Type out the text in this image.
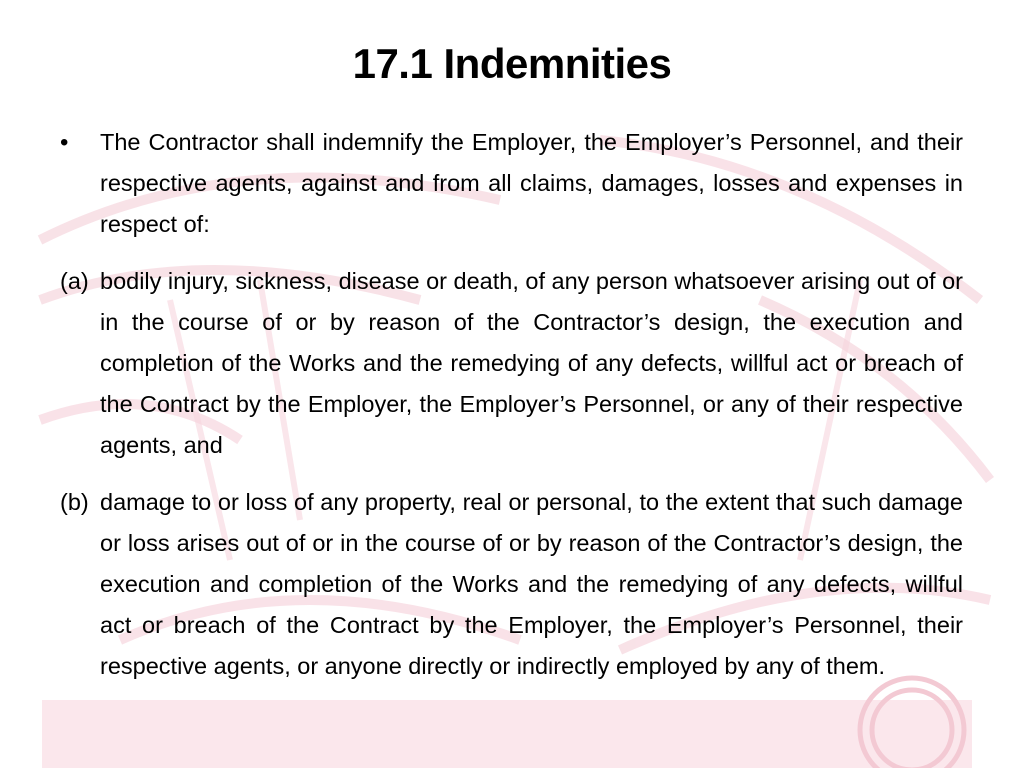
17.1 Indemnities

•	The Contractor shall indemnify the Employer, the Employer’s Personnel, and their respective agents, against and from all claims, damages, losses and expenses in respect of:

(a) bodily injury, sickness, disease or death, of any person whatsoever arising out of or in the course of or by reason of the Contractor’s design, the execution and completion of the Works and the remedying of any defects, willful act or breach of the Contract by the Employer, the Employer’s Personnel, or any of their respective agents, and

(b) damage to or loss of any property, real or personal, to the extent that such damage or loss arises out of or in the course of or by reason of the Contractor’s design, the execution and completion of the Works and the remedying of any defects, willful act or breach of the Contract by the Employer, the Employer’s Personnel, their respective agents, or anyone directly or indirectly employed by any of them.
